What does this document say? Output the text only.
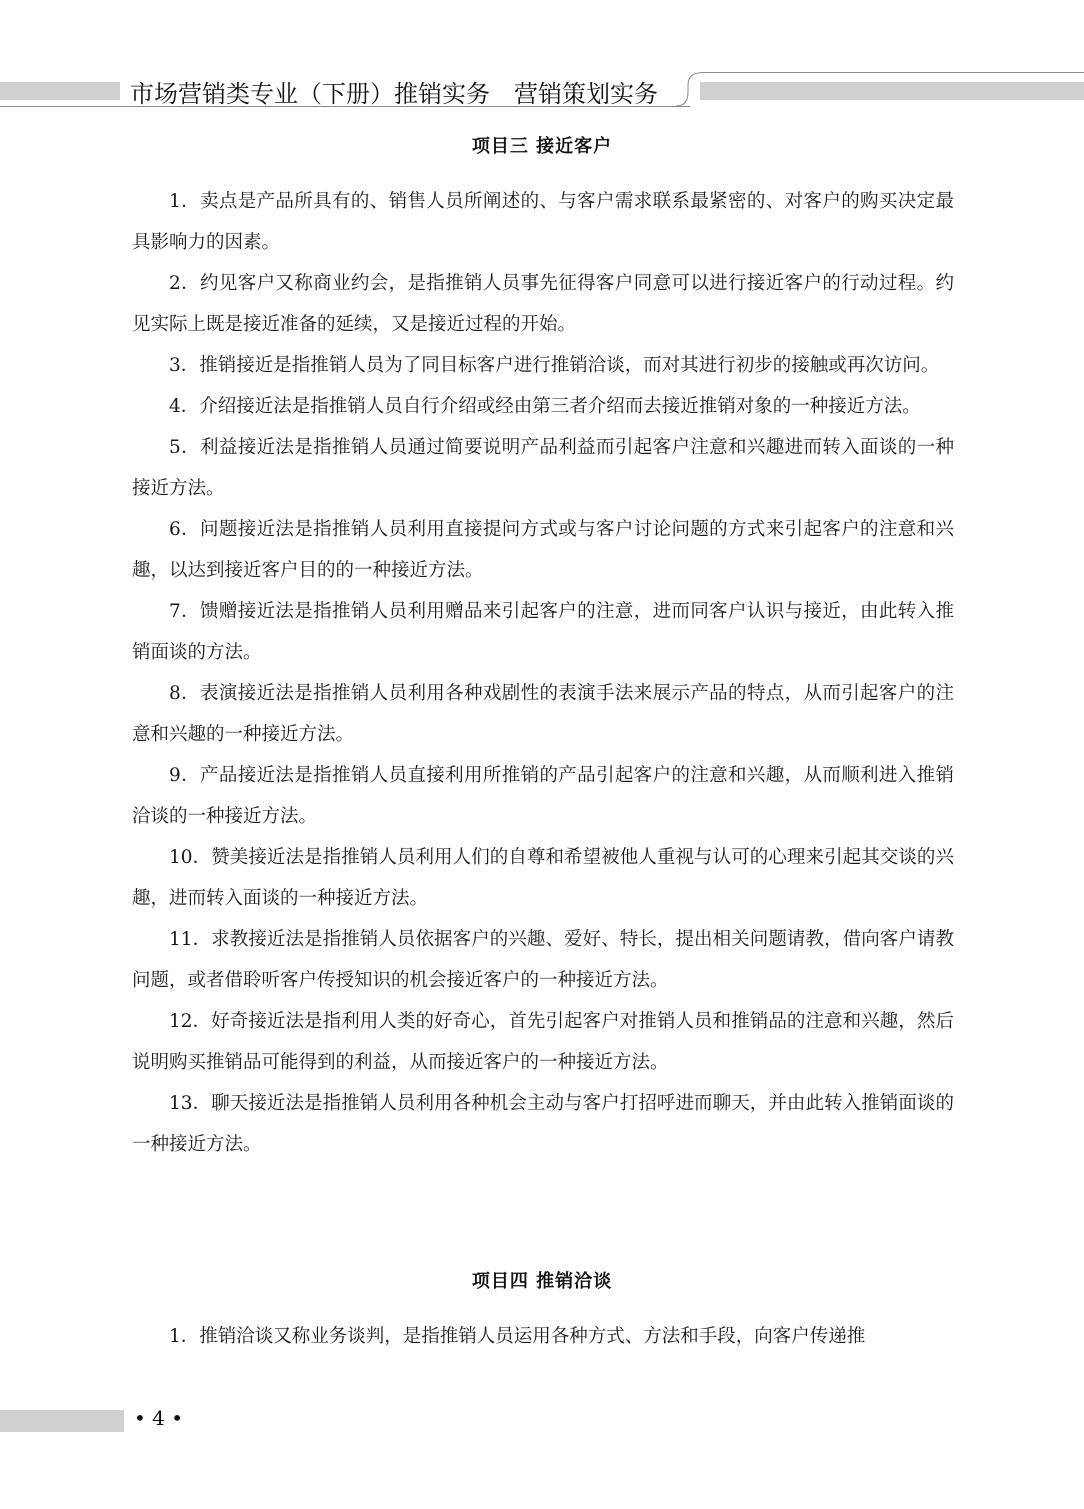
市场营销类专业（下册）推销实务　营销策划实务
项目三 接近客户

1．卖点是产品所具有的、销售人员所阐述的、与客户需求联系最紧密的、对客户的购买决定最具影响力的因素。

2．约见客户又称商业约会，是指推销人员事先征得客户同意可以进行接近客户的行动过程。约见实际上既是接近准备的延续，又是接近过程的开始。

3．推销接近是指推销人员为了同目标客户进行推销洽谈，而对其进行初步的接触或再次访问。

4．介绍接近法是指推销人员自行介绍或经由第三者介绍而去接近推销对象的一种接近方法。

5．利益接近法是指推销人员通过简要说明产品利益而引起客户注意和兴趣进而转入面谈的一种接近方法。

6．问题接近法是指推销人员利用直接提问方式或与客户讨论问题的方式来引起客户的注意和兴趣，以达到接近客户目的的一种接近方法。

7．馈赠接近法是指推销人员利用赠品来引起客户的注意，进而同客户认识与接近，由此转入推销面谈的方法。

8．表演接近法是指推销人员利用各种戏剧性的表演手法来展示产品的特点，从而引起客户的注意和兴趣的一种接近方法。

9．产品接近法是指推销人员直接利用所推销的产品引起客户的注意和兴趣，从而顺利进入推销洽谈的一种接近方法。

10．赞美接近法是指推销人员利用人们的自尊和希望被他人重视与认可的心理来引起其交谈的兴趣，进而转入面谈的一种接近方法。

11．求教接近法是指推销人员依据客户的兴趣、爱好、特长，提出相关问题请教，借向客户请教问题，或者借聆听客户传授知识的机会接近客户的一种接近方法。

12．好奇接近法是指利用人类的好奇心，首先引起客户对推销人员和推销品的注意和兴趣，然后说明购买推销品可能得到的利益，从而接近客户的一种接近方法。

13．聊天接近法是指推销人员利用各种机会主动与客户打招呼进而聊天，并由此转入推销面谈的一种接近方法。

项目四 推销洽谈

1．推销洽谈又称业务谈判，是指推销人员运用各种方式、方法和手段，向客户传递推

• 4 •
